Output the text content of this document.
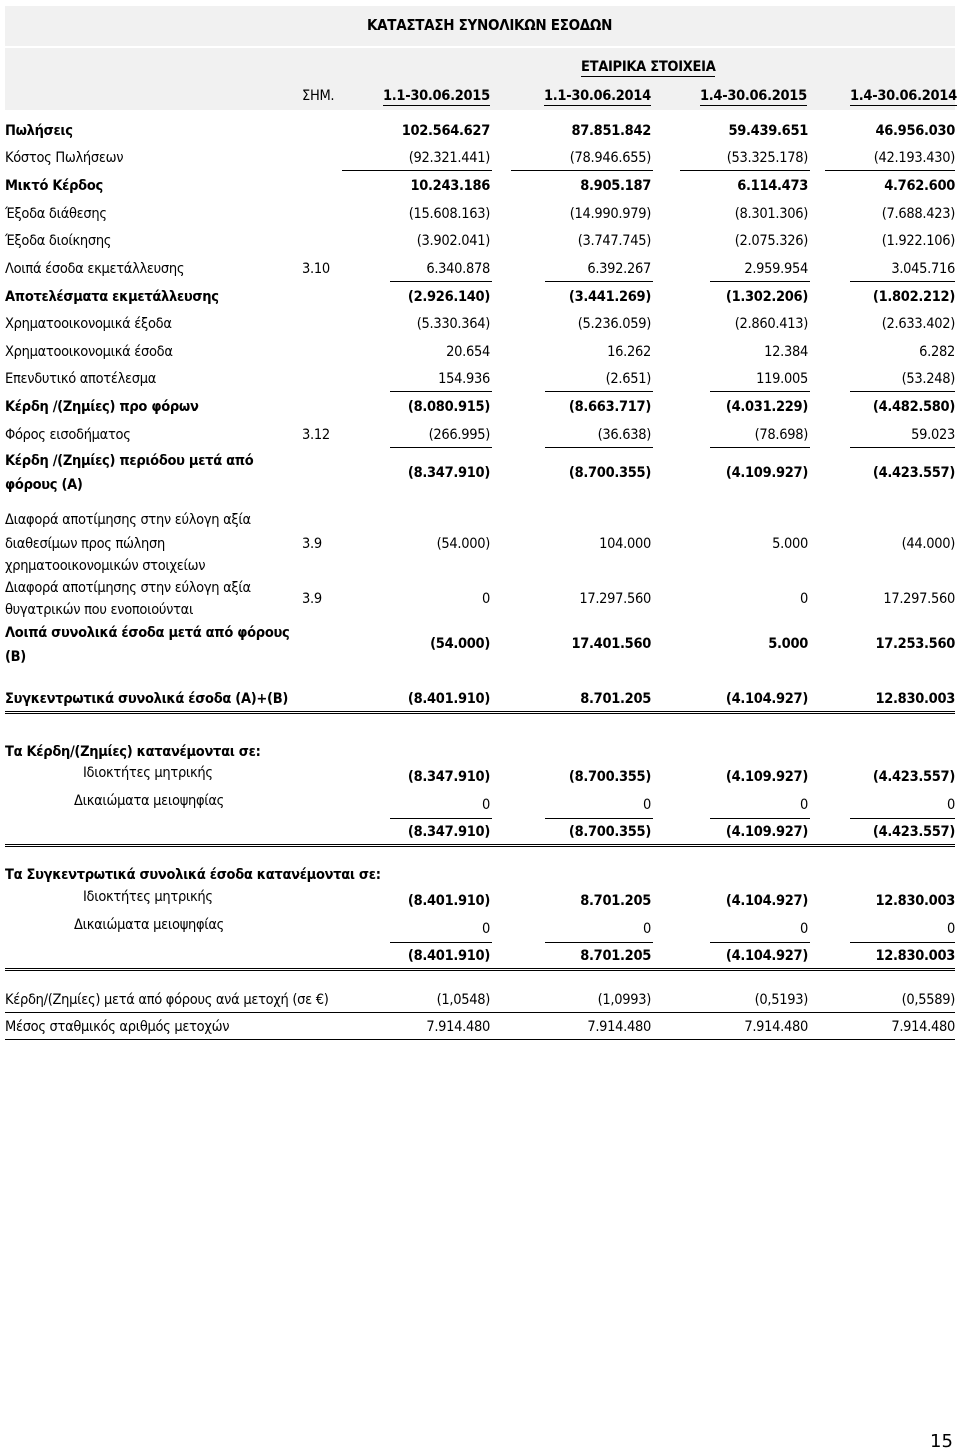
ΚΑΤΑΣΤΑΣΗ ΣΥΝΟΛΙΚΩΝ ΕΣΟΔΩΝ
ΕΤΑΙΡΙΚΑ ΣΤΟΙΧΕΙΑ
ΣΗΜ.	1.1-30.06.2015	1.1-30.06.2014	1.4-30.06.2015	1.4-30.06.2014
Πωλήσεις	102.564.627	87.851.842	59.439.651	46.956.030
Κόστος Πωλήσεων	(92.321.441)	(78.946.655)	(53.325.178)	(42.193.430)
Μικτό Κέρδος	10.243.186	8.905.187	6.114.473	4.762.600
Έξοδα διάθεσης	(15.608.163)	(14.990.979)	(8.301.306)	(7.688.423)
Έξοδα διοίκησης	(3.902.041)	(3.747.745)	(2.075.326)	(1.922.106)
Λοιπά έσοδα εκμετάλλευσης	3.10	6.340.878	6.392.267	2.959.954	3.045.716
Αποτελέσματα εκμετάλλευσης	(2.926.140)	(3.441.269)	(1.302.206)	(1.802.212)
Χρηματοοικονομικά έξοδα	(5.330.364)	(5.236.059)	(2.860.413)	(2.633.402)
Χρηματοοικονομικά έσοδα	20.654	16.262	12.384	6.282
Επενδυτικό αποτέλεσμα	154.936	(2.651)	119.005	(53.248)
Κέρδη /(Ζημίες) προ φόρων	(8.080.915)	(8.663.717)	(4.031.229)	(4.482.580)
Φόρος εισοδήματος	3.12	(266.995)	(36.638)	(78.698)	59.023
Κέρδη /(Ζημίες) περιόδου μετά από
φόρους (Α)
(8.347.910)	(8.700.355)	(4.109.927)	(4.423.557)
Διαφορά αποτίμησης στην εύλογη αξία
διαθεσίμων προς πώληση
χρηματοοικονομικών στοιχείων
3.9	(54.000)	104.000	5.000	(44.000)
Διαφορά αποτίμησης στην εύλογη αξία
θυγατρικών που ενοποιούνται
3.9	0	17.297.560	0	17.297.560
Λοιπά συνολικά έσοδα μετά από φόρους
(Β)
(54.000)	17.401.560	5.000	17.253.560
Συγκεντρωτικά συνολικά έσοδα (Α)+(Β)	(8.401.910)	8.701.205	(4.104.927)	12.830.003
Τα Κέρδη/(Ζημίες) κατανέμονται σε:
Ιδιοκτήτες μητρικής	(8.347.910)	(8.700.355)	(4.109.927)	(4.423.557)
Δικαιώματα μειοψηφίας	0	0	0	0
(8.347.910)	(8.700.355)	(4.109.927)	(4.423.557)
Τα Συγκεντρωτικά συνολικά έσοδα κατανέμονται σε:
Ιδιοκτήτες μητρικής	(8.401.910)	8.701.205	(4.104.927)	12.830.003
Δικαιώματα μειοψηφίας	0	0	0	0
(8.401.910)	8.701.205	(4.104.927)	12.830.003
Κέρδη/(Ζημίες) μετά από φόρους ανά μετοχή (σε €)	(1,0548)	(1,0993)	(0,5193)	(0,5589)
Μέσος σταθμικός αριθμός μετοχών	7.914.480	7.914.480	7.914.480	7.914.480
15
